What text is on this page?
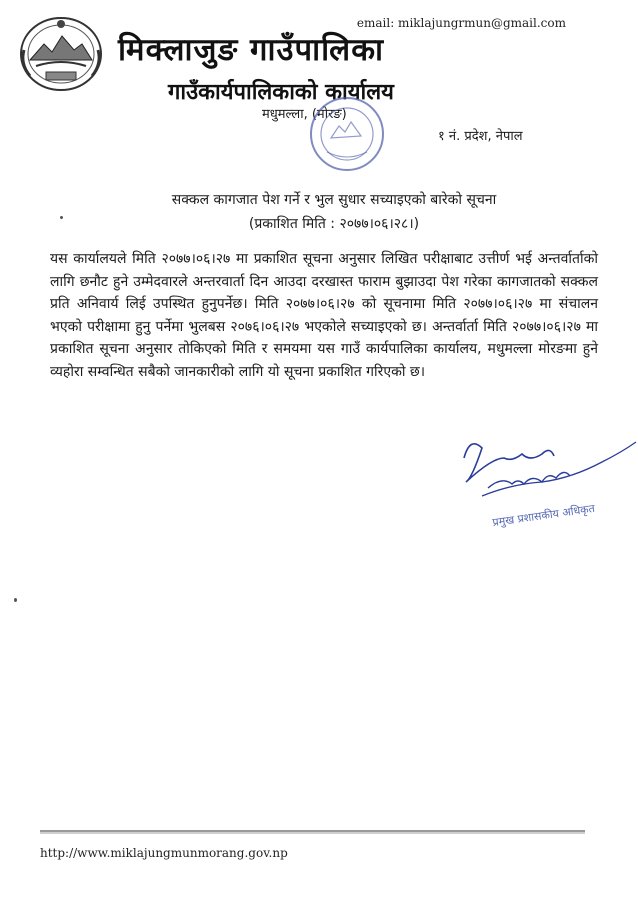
email: miklajungrmun@gmail.com
मिक्लाजुङ गाउँपालिका
गाउँकार्यपालिकाको कार्यालय
मधुमल्ला, (मोरङ)
१ नं. प्रदेश, नेपाल
सक्कल कागजात पेश गर्ने र भुल सुधार सच्याइएको बारेको सूचना
(प्रकाशित मिति : २०७७।०६।२८।)

यस कार्यालयले मिति २०७७।०६।२७ मा प्रकाशित सूचना अनुसार लिखित परीक्षाबाट उत्तीर्ण भई अन्तर्वार्ताको लागि छनौट हुने उम्मेदवारले अन्तरवार्ता दिन आउदा दरखास्त फाराम बुझाउदा पेश गरेका कागजातको सक्कल प्रति अनिवार्य लिई उपस्थित हुनुपर्नेछ। मिति २०७७।०६।२७ को सूचनामा मिति २०७७।०६।२७ मा संचालन भएको परीक्षामा हुनु पर्नेमा भुलबस २०७६।०६।२७ भएकोले सच्याइएको छ। अन्तर्वार्ता मिति २०७७।०६।२७ मा प्रकाशित सूचना अनुसार तोकिएको मिति र समयमा यस गाउँ कार्यपालिका कार्यालय, मधुमल्ला मोरङमा हुने व्यहोरा सम्वन्धित सबैको जानकारीको लागि यो सूचना प्रकाशित गरिएको छ।

प्रमुख प्रशासकीय अधिकृत
http://www.miklajungmunmorang.gov.np
